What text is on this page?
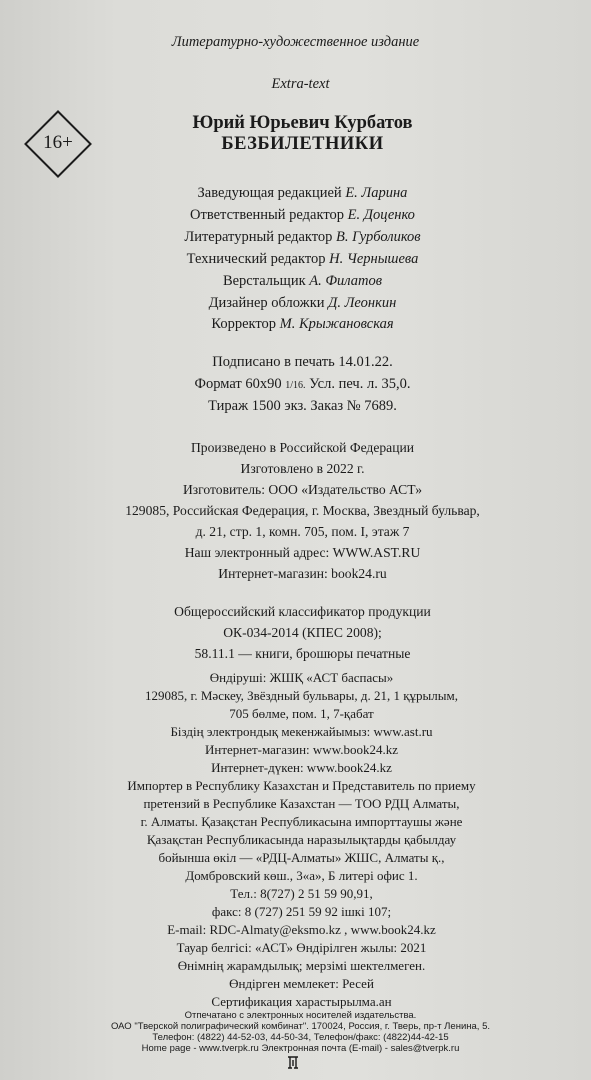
Литературно-художественное издание
Extra-text
16+
Юрий Юрьевич Курбатов
БЕЗБИЛЕТНИКИ
Заведующая редакцией Е. Ларина
Ответственный редактор Е. Доценко
Литературный редактор В. Гурболиков
Технический редактор Н. Чернышева
Верстальщик А. Филатов
Дизайнер обложки Д. Леонкин
Корректор М. Крыжановская
Подписано в печать 14.01.22.
Формат 60x90 1/16. Усл. печ. л. 35,0.
Тираж 1500 экз. Заказ № 7689.
Произведено в Российской Федерации
Изготовлено в 2022 г.
Изготовитель: ООО «Издательство АСТ»
129085, Российская Федерация, г. Москва, Звездный бульвар,
д. 21, стр. 1, комн. 705, пом. I, этаж 7
Наш электронный адрес: WWW.AST.RU
Интернет-магазин: book24.ru
Общероссийский классификатор продукции
ОК-034-2014 (КПЕС 2008);
58.11.1 — книги, брошюры печатные
Өндіруші: ЖШҚ «АСТ баспасы»
129085, г. Мәскеу, Звёздный бульвары, д. 21, 1 құрылым,
705 бөлме, пом. 1, 7-қабат
Біздің электрондық мекенжайымыз: www.ast.ru
Интернет-магазин: www.book24.kz
Интернет-дүкен: www.book24.kz
Импортер в Республику Казахстан и Представитель по приему
претензий в Республике Казахстан — ТОО РДЦ Алматы,
г. Алматы. Қазақстан Республикасына импорттаушы және
Қазақстан Республикасында наразылықтарды қабылдау
бойынша өкіл — «РДЦ-Алматы» ЖШС, Алматы қ.,
Домбровский көш., 3«а», Б литері офис 1.
Тел.: 8(727) 2 51 59 90,91,
факс: 8 (727) 251 59 92 ішкі 107;
E-mail: RDC-Almaty@eksmo.kz , www.book24.kz
Тауар белгісі: «АСТ» Өндірілген жылы: 2021
Өнімнің жарамдылық; мерзімі шектелмеген.
Өндірген мемлекет: Ресей
Сертификация харастырылма.ан
Отпечатано с электронных носителей издательства.
ОАО "Тверской полиграфический комбинат". 170024, Россия, г. Тверь, пр-т Ленина, 5.
Телефон: (4822) 44-52-03, 44-50-34, Телефон/факс: (4822)44-42-15
Home page - www.tverpk.ru Электронная почта (E-mail) - sales@tverpk.ru
